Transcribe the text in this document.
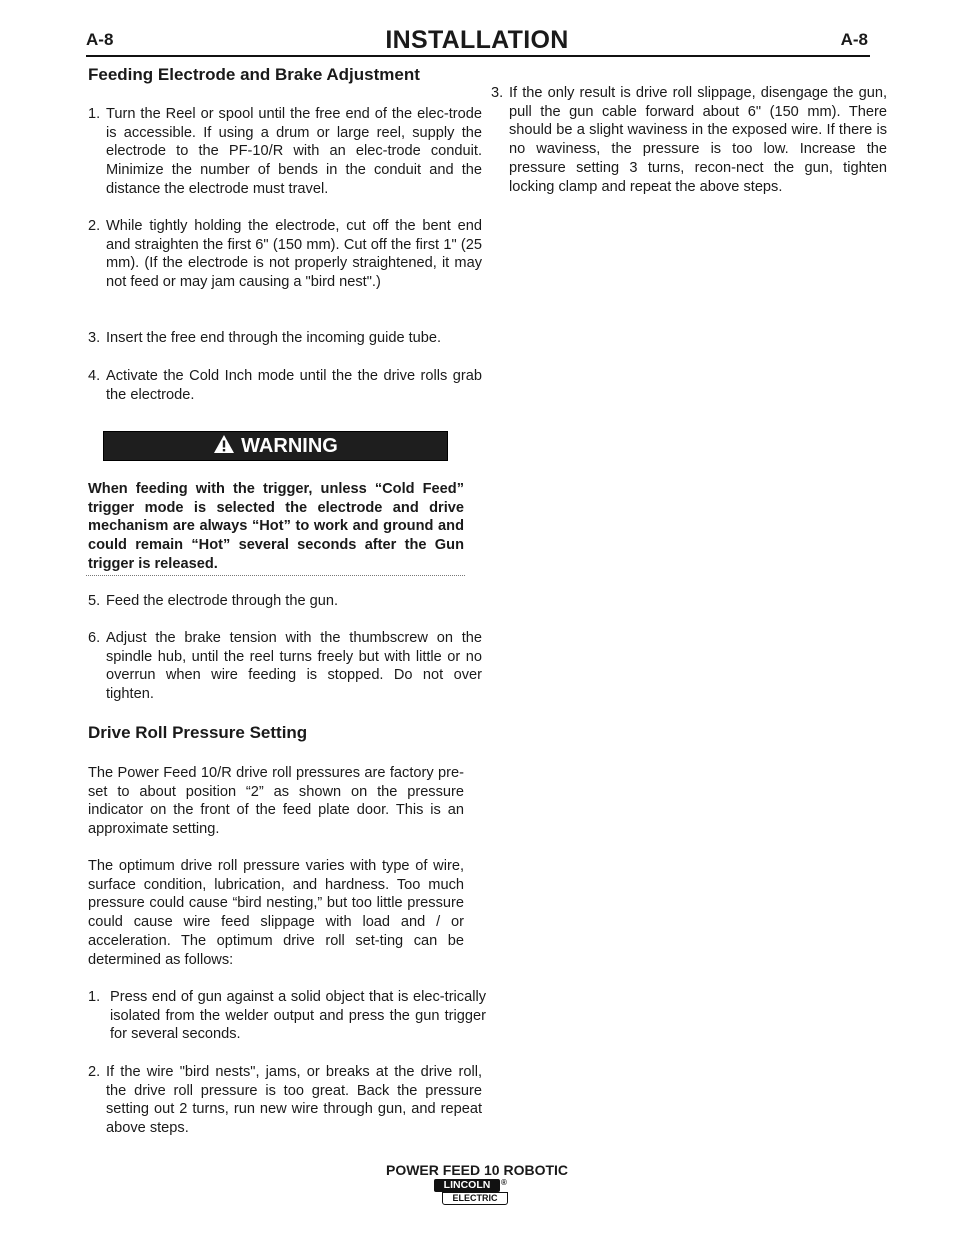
A-8	INSTALLATION	A-8
Feeding Electrode and Brake Adjustment
1. Turn the Reel or spool until the free end of the elec-trode is accessible. If using a drum or large reel, supply the electrode to the PF-10/R with an elec-trode conduit. Minimize the number of bends in the conduit and the distance the electrode must travel.
2. While tightly holding the electrode, cut off the bent end and straighten the first 6" (150 mm). Cut off the first 1" (25 mm). (If the electrode is not properly straightened, it may not feed or may jam causing a "bird nest".)
3. Insert the free end through the incoming guide tube.
4. Activate the Cold Inch mode until the the drive rolls grab the electrode.
WARNING
When feeding with the trigger, unless “Cold Feed” trigger mode is selected the electrode and drive mechanism are always “Hot” to work and ground and could remain “Hot” several seconds after the Gun trigger is released.
5. Feed the electrode through the gun.
6. Adjust the brake tension with the thumbscrew on the spindle hub, until the reel turns freely but with little or no overrun when wire feeding is stopped. Do not over tighten.
Drive Roll Pressure Setting
The Power Feed 10/R drive roll pressures are factory pre-set to about position “2” as shown on the pressure indicator on the front of the feed plate door. This is an approximate setting.
The optimum drive roll pressure varies with type of wire, surface condition, lubrication, and hardness. Too much pressure could cause “bird nesting,” but too little pressure could cause wire feed slippage with load and / or acceleration. The optimum drive roll set-ting can be determined as follows:
1. Press end of gun against a solid object that is elec-trically isolated from the welder output and press the gun trigger for several seconds.
2. If the wire "bird nests", jams, or breaks at the drive roll, the drive roll pressure is too great. Back the pressure setting out 2 turns, run new wire through gun, and repeat above steps.
3. If the only result is drive roll slippage, disengage the gun, pull the gun cable forward about 6" (150 mm). There should be a slight waviness in the exposed wire. If there is no waviness, the pressure is too low. Increase the pressure setting 3 turns, recon-nect the gun, tighten locking clamp and repeat the above steps.
POWER FEED 10 ROBOTIC
LINCOLN
ELECTRIC
®
